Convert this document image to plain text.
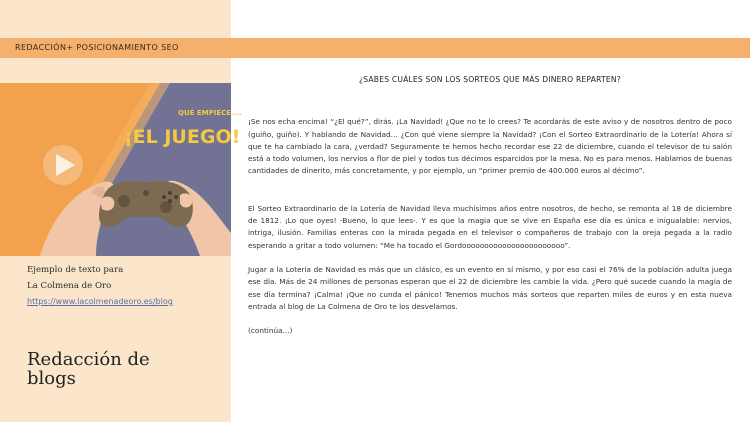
REDACCIÓN+ POSICIONAMIENTO SEO
QUÉ EMPIECE....
¡EL JUEGO!
Ejemplo de texto para
La Colmena de Oro
https://www.lacolmenadeoro.es/blog
Redacción de blogs

¿SABES CUÁLES SON LOS SORTEOS QUE MÁS DINERO REPARTEN?

¡Se nos echa encima! “¿El qué?”, dirás. ¡La Navidad! ¿Que no te lo crees? Te acordarás de este aviso y de nosotros dentro de poco (guiño, guiño). Y hablando de Navidad… ¿Con qué viene siempre la Navidad? ¡Con el Sorteo Extraordinario de la Lotería! Ahora sí que te ha cambiado la cara, ¿verdad? Seguramente te hemos hecho recordar ese 22 de diciembre, cuando el televisor de tu salón está a todo volumen, los nervios a flor de piel y todos tus décimos esparcidos por la mesa. No es para menos. Hablamos de buenas cantidades de dinerito, más concretamente, y por ejemplo, un “primer premio de 400.000 euros al décimo”.

El Sorteo Extraordinario de la Lotería de Navidad lleva muchísimos años entre nosotros, de hecho, se remonta al 18 de diciembre de 1812. ¡Lo que oyes! -Bueno, lo que lees-. Y es que la magia que se vive en España ese día es única e inigualable: nervios, intriga, ilusión. Familias enteras con la mirada pegada en el televisor o compañeros de trabajo con la oreja pegada a la radio esperando a gritar a todo volumen: “Me ha tocado el Gordooooooooooooooooooooooo”.

Jugar a la Lotería de Navidad es más que un clásico, es un evento en sí mismo, y por eso casi el 76% de la población adulta juega ese día. Más de 24 millones de personas esperan que el 22 de diciembre les cambie la vida. ¿Pero qué sucede cuando la magia de ese día termina? ¡Calma! ¡Que no cunda el pánico! Tenemos muchos más sorteos que reparten miles de euros y en esta nueva entrada al blog de La Colmena de Oro te los desvelamos.

(continúa...)
